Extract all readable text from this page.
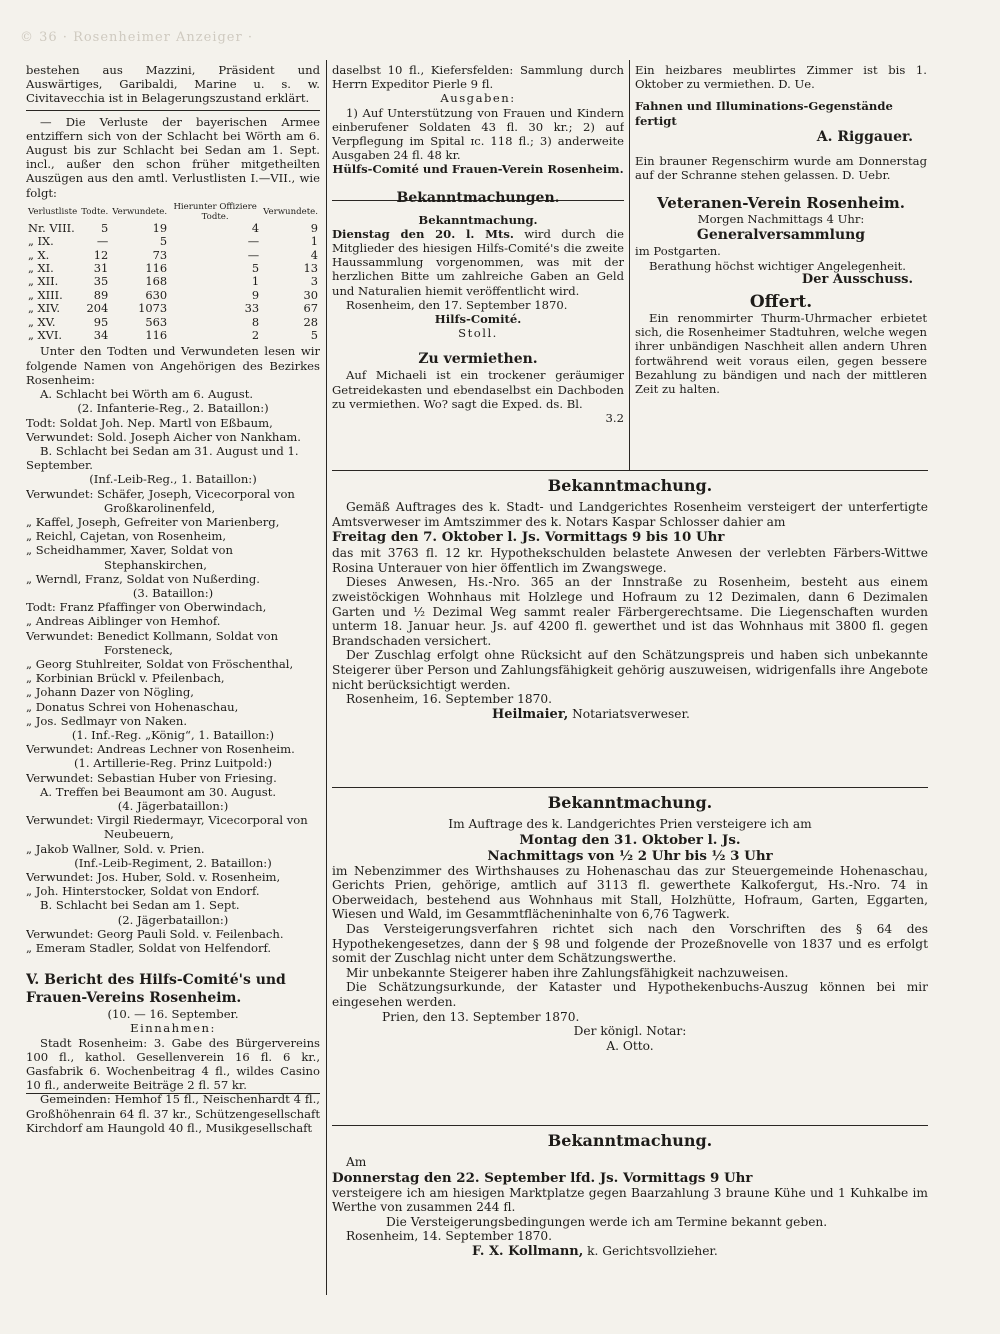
© 36 · Rosenheimer Anzeiger ·

bestehen aus Mazzini, Präsident und Auswärtiges, Garibaldi, Marine u. s. w. Civitavecchia ist in Belagerungszustand erklärt.

— Die Verluste der bayerischen Armee entziffern sich von der Schlacht bei Wörth am 6. August bis zur Schlacht bei Sedan am 1. Sept. incl., außer den schon früher mitgetheilten Auszügen aus den amtl. Verlustlisten I.—VII., wie folgt:

Verlustliste	Todte.	Verwundete.	Hierunter Offiziere Todte.	Verwundete.
Nr. VIII.	5	19	4	9
„ IX.	—	5	—	1
„ X.	12	73	—	4
„ XI.	31	116	5	13
„ XII.	35	168	1	3
„ XIII.	89	630	9	30
„ XIV.	204	1073	33	67
„ XV.	95	563	8	28
„ XVI.	34	116	2	5

Unter den Todten und Verwundeten lesen wir folgende Namen von Angehörigen des Bezirkes Rosenheim:

A. Schlacht bei Wörth am 6. August.

(2. Infanterie-Reg., 2. Bataillon:)

Todt: Soldat Joh. Nep. Martl von Eßbaum,

Verwundet: Sold. Joseph Aicher von Nankham.

B. Schlacht bei Sedan am 31. August und 1. September.

(Inf.-Leib-Reg., 1. Bataillon:)

Verwundet: Schäfer, Joseph, Vicecorporal von Großkarolinenfeld,

„ Kaffel, Joseph, Gefreiter von Marienberg,

„ Reichl, Cajetan, von Rosenheim,

„ Scheidhammer, Xaver, Soldat von Stephanskirchen,

„ Werndl, Franz, Soldat von Nußerding.

(3. Bataillon:)

Todt: Franz Pfaffinger von Oberwindach,

„ Andreas Aiblinger von Hemhof.

Verwundet: Benedict Kollmann, Soldat von Forsteneck,

„ Georg Stuhlreiter, Soldat von Fröschenthal,

„ Korbinian Brückl v. Pfeilenbach,

„ Johann Dazer von Nögling,

„ Donatus Schrei von Hohenaschau,

„ Jos. Sedlmayr von Naken.

(1. Inf.-Reg. „König“, 1. Bataillon:)

Verwundet: Andreas Lechner von Rosenheim.

(1. Artillerie-Reg. Prinz Luitpold:)

Verwundet: Sebastian Huber von Friesing.

A. Treffen bei Beaumont am 30. August.

(4. Jägerbataillon:)

Verwundet: Virgil Riedermayr, Vicecorporal von Neubeuern,

„ Jakob Wallner, Sold. v. Prien.

(Inf.-Leib-Regiment, 2. Bataillon:)

Verwundet: Jos. Huber, Sold. v. Rosenheim,

„ Joh. Hinterstocker, Soldat von Endorf.

B. Schlacht bei Sedan am 1. Sept.

(2. Jägerbataillon:)

Verwundet: Georg Pauli Sold. v. Feilenbach.

„ Emeram Stadler, Soldat von Helfendorf.

V. Bericht des Hilfs-Comité's und Frauen-Vereins Rosenheim.

(10. — 16. September.

Einnahmen:

Stadt Rosenheim: 3. Gabe des Bürgervereins 100 fl., kathol. Gesellenverein 16 fl. 6 kr., Gasfabrik 6. Wochenbeitrag 4 fl., wildes Casino 10 fl., anderweite Beiträge 2 fl. 57 kr.

Gemeinden: Hemhof 15 fl., Neischenhardt 4 fl., Großhöhenrain 64 fl. 37 kr., Schützengesellschaft Kirchdorf am Haungold 40 fl., Musikgesellschaft

daselbst 10 fl., Kiefersfelden: Sammlung durch Herrn Expeditor Pierle 9 fl.

Ausgaben:

1) Auf Unterstützung von Frauen und Kindern einberufener Soldaten 43 fl. 30 kr.; 2) auf Verpflegung im Spital ɪc. 118 fl.; 3) anderweite Ausgaben 24 fl. 48 kr.

Hülfs-Comité und Frauen-Verein Rosenheim.

Bekanntmachungen.

Bekanntmachung.

Dienstag den 20. l. Mts. wird durch die Mitglieder des hiesigen Hilfs-Comité's die zweite Haussammlung vorgenommen, was mit der herzlichen Bitte um zahlreiche Gaben an Geld und Naturalien hiemit veröffentlicht wird.

Rosenheim, den 17. September 1870.

Hilfs-Comité.

Stoll.

Zu vermiethen.

Auf Michaeli ist ein trockener geräumiger Getreidekasten und ebendaselbst ein Dachboden zu vermiethen. Wo? sagt die Exped. ds. Bl.

3.2

Ein heizbares meublirtes Zimmer ist bis 1. Oktober zu vermiethen. D. Ue.

Fahnen und Illuminations-Gegenstände fertigt

A. Riggauer.

Ein brauner Regenschirm wurde am Donnerstag auf der Schranne stehen gelassen. D. Uebr.

Veteranen-Verein Rosenheim.

Morgen Nachmittags 4 Uhr:

Generalversammlung

im Postgarten.

Berathung höchst wichtiger Angelegenheit.

Der Ausschuss.

Offert.

Ein renommirter Thurm-Uhrmacher erbietet sich, die Rosenheimer Stadtuhren, welche wegen ihrer unbändigen Naschheit allen andern Uhren fortwährend weit voraus eilen, gegen bessere Bezahlung zu bändigen und nach der mittleren Zeit zu halten.

Bekanntmachung.

Gemäß Auftrages des k. Stadt- und Landgerichtes Rosenheim versteigert der unterfertigte Amtsverweser im Amtszimmer des k. Notars Kaspar Schlosser dahier am

Freitag den 7. Oktober l. Js. Vormittags 9 bis 10 Uhr

das mit 3763 fl. 12 kr. Hypothekschulden belastete Anwesen der verlebten Färbers-Wittwe Rosina Unterauer von hier öffentlich im Zwangswege.

Dieses Anwesen, Hs.-Nro. 365 an der Innstraße zu Rosenheim, besteht aus einem zweistöckigen Wohnhaus mit Holzlege und Hofraum zu 12 Dezimalen, dann 6 Dezimalen Garten und ½ Dezimal Weg sammt realer Färbergerechtsame. Die Liegenschaften wurden unterm 18. Januar heur. Js. auf 4200 fl. gewerthet und ist das Wohnhaus mit 3800 fl. gegen Brandschaden versichert.

Der Zuschlag erfolgt ohne Rücksicht auf den Schätzungspreis und haben sich unbekannte Steigerer über Person und Zahlungsfähigkeit gehörig auszuweisen, widrigenfalls ihre Angebote nicht berücksichtigt werden.

Rosenheim, 16. September 1870.

Heilmaier, Notariatsverweser.

Bekanntmachung.

Im Auftrage des k. Landgerichtes Prien versteigere ich am

Montag den 31. Oktober l. Js.

Nachmittags von ½ 2 Uhr bis ½ 3 Uhr

im Nebenzimmer des Wirthshauses zu Hohenaschau das zur Steuergemeinde Hohenaschau, Gerichts Prien, gehörige, amtlich auf 3113 fl. gewerthete Kalkofergut, Hs.-Nro. 74 in Oberweidach, bestehend aus Wohnhaus mit Stall, Holzhütte, Hofraum, Garten, Eggarten, Wiesen und Wald, im Gesammtflächeninhalte von 6,76 Tagwerk.

Das Versteigerungsverfahren richtet sich nach den Vorschriften des § 64 des Hypothekengesetzes, dann der § 98 und folgende der Prozeßnovelle von 1837 und es erfolgt somit der Zuschlag nicht unter dem Schätzungswerthe.

Mir unbekannte Steigerer haben ihre Zahlungsfähigkeit nachzuweisen.

Die Schätzungsurkunde, der Kataster und Hypothekenbuchs-Auszug können bei mir eingesehen werden.

Prien, den 13. September 1870.

Der königl. Notar:

A. Otto.

Bekanntmachung.

Am

Donnerstag den 22. September lfd. Js. Vormittags 9 Uhr

versteigere ich am hiesigen Marktplatze gegen Baarzahlung 3 braune Kühe und 1 Kuhkalbe im Werthe von zusammen 244 fl.

Die Versteigerungsbedingungen werde ich am Termine bekannt geben.

Rosenheim, 14. September 1870.

F. X. Kollmann, k. Gerichtsvollzieher.
